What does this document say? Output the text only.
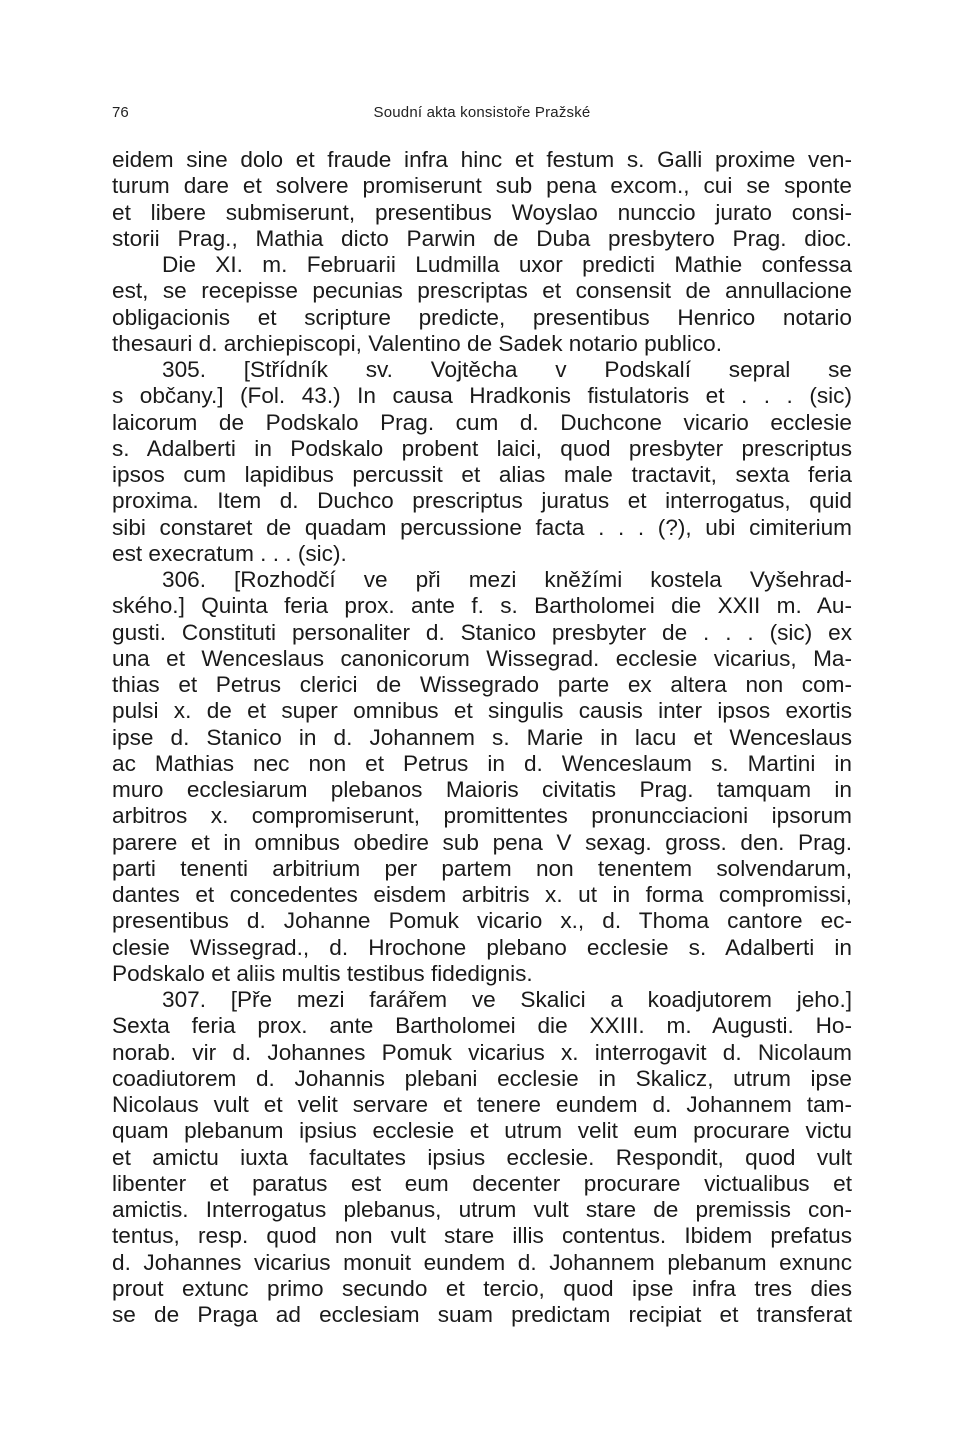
76	Soudní akta konsistoře Pražské
eidem sine dolo et fraude infra hinc et festum s. Galli proxime ven-
turum dare et solvere promiserunt sub pena excom., cui se sponte
et libere submiserunt, presentibus Woyslao nunccio jurato consi-
storii Prag., Mathia dicto Parwin de Duba presbytero Prag. dioc.
Die XI. m. Februarii Ludmilla uxor predicti Mathie confessa
est, se recepisse pecunias prescriptas et consensit de annullacione
obligacionis et scripture predicte, presentibus Henrico notario
thesauri d. archiepiscopi, Valentino de Sadek notario publico.
305. [Střídník sv. Vojtěcha v Podskalí sepral se
s občany.] (Fol. 43.) In causa Hradkonis fistulatoris et . . . (sic)
laicorum de Podskalo Prag. cum d. Duchcone vicario ecclesie
s. Adalberti in Podskalo probent laici, quod presbyter prescriptus
ipsos cum lapidibus percussit et alias male tractavit, sexta feria
proxima. Item d. Duchco prescriptus juratus et interrogatus, quid
sibi constaret de quadam percussione facta . . . (?), ubi cimiterium
est execratum . . . (sic).
306. [Rozhodčí ve při mezi kněžími kostela Vyšehrad-
ského.] Quinta feria prox. ante f. s. Bartholomei die XXII m. Au-
gusti. Constituti personaliter d. Stanico presbyter de . . . (sic) ex
una et Wenceslaus canonicorum Wissegrad. ecclesie vicarius, Ma-
thias et Petrus clerici de Wissegrado parte ex altera non com-
pulsi x. de et super omnibus et singulis causis inter ipsos exortis
ipse d. Stanico in d. Johannem s. Marie in lacu et Wenceslaus
ac Mathias nec non et Petrus in d. Wenceslaum s. Martini in
muro ecclesiarum plebanos Maioris civitatis Prag. tamquam in
arbitros x. compromiserunt, promittentes pronuncciacioni ipsorum
parere et in omnibus obedire sub pena V sexag. gross. den. Prag.
parti tenenti arbitrium per partem non tenentem solvendarum,
dantes et concedentes eisdem arbitris x. ut in forma compromissi,
presentibus d. Johanne Pomuk vicario x., d. Thoma cantore ec-
clesie Wissegrad., d. Hrochone plebano ecclesie s. Adalberti in
Podskalo et aliis multis testibus fidedignis.
307. [Pře mezi farářem ve Skalici a koadjutorem jeho.]
Sexta feria prox. ante Bartholomei die XXIII. m. Augusti. Ho-
norab. vir d. Johannes Pomuk vicarius x. interrogavit d. Nicolaum
coadiutorem d. Johannis plebani ecclesie in Skalicz, utrum ipse
Nicolaus vult et velit servare et tenere eundem d. Johannem tam-
quam plebanum ipsius ecclesie et utrum velit eum procurare victu
et amictu iuxta facultates ipsius ecclesie. Respondit, quod vult
libenter et paratus est eum decenter procurare victualibus et
amictis. Interrogatus plebanus, utrum vult stare de premissis con-
tentus, resp. quod non vult stare illis contentus. Ibidem prefatus
d. Johannes vicarius monuit eundem d. Johannem plebanum exnunc
prout extunc primo secundo et tercio, quod ipse infra tres dies
se de Praga ad ecclesiam suam predictam recipiat et transferat
